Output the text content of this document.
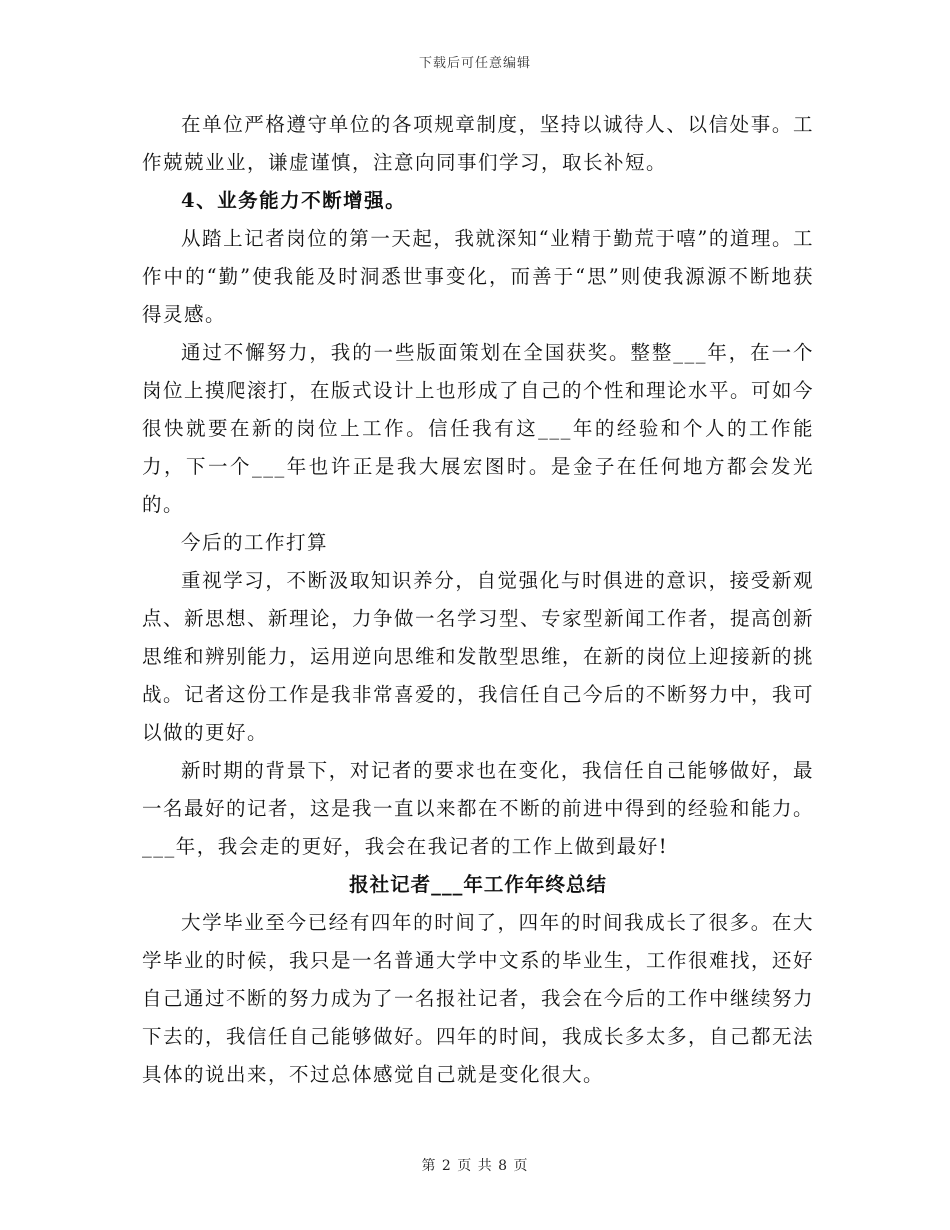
下载后可任意编辑

在单位严格遵守单位的各项规章制度，坚持以诚待人、以信处事。工作兢兢业业，谦虚谨慎，注意向同事们学习，取长补短。

4、业务能力不断增强。

从踏上记者岗位的第一天起，我就深知“业精于勤荒于嘻”的道理。工作中的“勤”使我能及时洞悉世事变化，而善于“思”则使我源源不断地获得灵感。

通过不懈努力，我的一些版面策划在全国获奖。整整___年，在一个岗位上摸爬滚打，在版式设计上也形成了自己的个性和理论水平。可如今很快就要在新的岗位上工作。信任我有这___年的经验和个人的工作能力，下一个___年也许正是我大展宏图时。是金子在任何地方都会发光的。

今后的工作打算

重视学习，不断汲取知识养分，自觉强化与时俱进的意识，接受新观点、新思想、新理论，力争做一名学习型、专家型新闻工作者，提高创新思维和辨别能力，运用逆向思维和发散型思维，在新的岗位上迎接新的挑战。记者这份工作是我非常喜爱的，我信任自己今后的不断努力中，我可以做的更好。

新时期的背景下，对记者的要求也在变化，我信任自己能够做好，最一名最好的记者，这是我一直以来都在不断的前进中得到的经验和能力。___年，我会走的更好，我会在我记者的工作上做到最好!

报社记者___年工作年终总结

大学毕业至今已经有四年的时间了，四年的时间我成长了很多。在大学毕业的时候，我只是一名普通大学中文系的毕业生，工作很难找，还好自己通过不断的努力成为了一名报社记者，我会在今后的工作中继续努力下去的，我信任自己能够做好。四年的时间，我成长多太多，自己都无法具体的说出来，不过总体感觉自己就是变化很大。

第 2 页 共 8 页
